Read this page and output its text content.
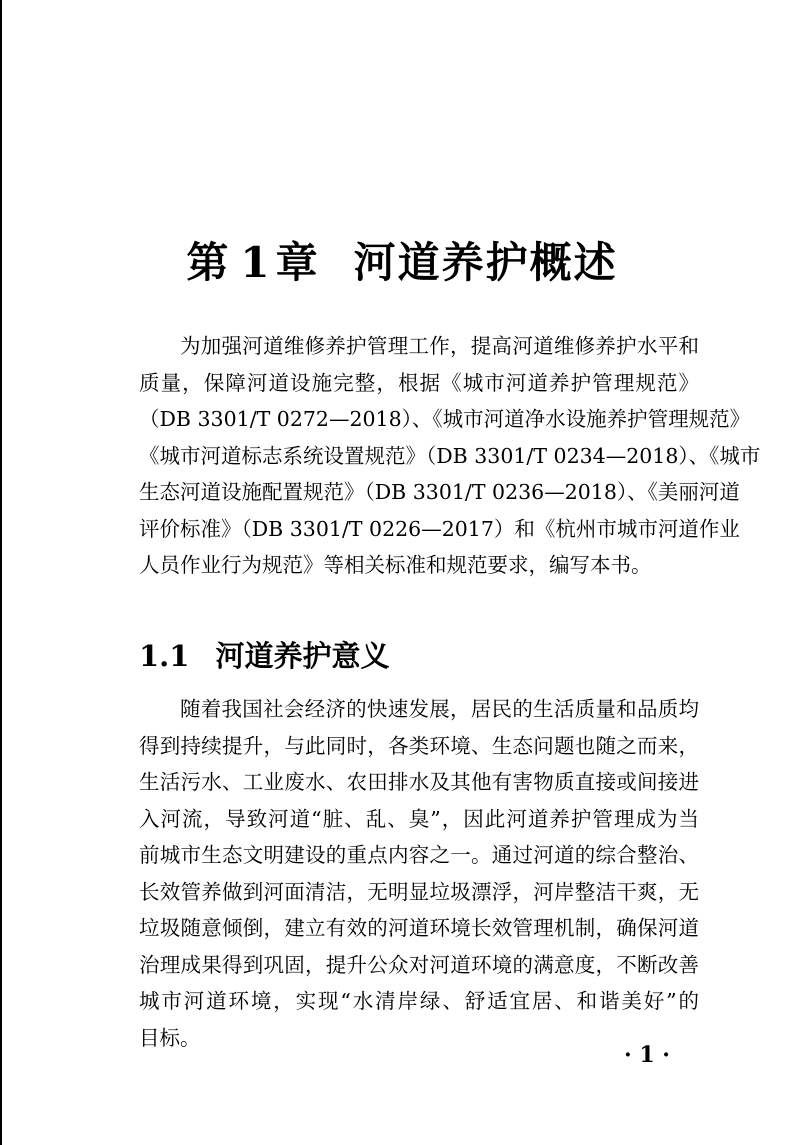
第 1章 河道养护概述

为加强河道维修养护管理工作，提高河道维修养护水平和
质量，保障河道设施完整，根据《城市河道养护管理规范》
（DB 3301/T 0272—2018）、《城市河道净水设施养护管理规范》
《城市河道标志系统设置规范》（DB 3301/T 0234—2018）、《城市
生态河道设施配置规范》（DB 3301/T 0236—2018）、《美丽河道
评价标准》（DB 3301/T 0226—2017）和《杭州市城市河道作业
人员作业行为规范》等相关标准和规范要求，编写本书。

1.1 河道养护意义

随着我国社会经济的快速发展，居民的生活质量和品质均
得到持续提升，与此同时，各类环境、生态问题也随之而来，
生活污水、工业废水、农田排水及其他有害物质直接或间接进
入河流，导致河道“脏、乱、臭”，因此河道养护管理成为当
前城市生态文明建设的重点内容之一。通过河道的综合整治、
长效管养做到河面清洁，无明显垃圾漂浮，河岸整洁干爽，无
垃圾随意倾倒，建立有效的河道环境长效管理机制，确保河道
治理成果得到巩固，提升公众对河道环境的满意度，不断改善
城市河道环境，实现“水清岸绿、舒适宜居、和谐美好”的
目标。

· 1 ·
